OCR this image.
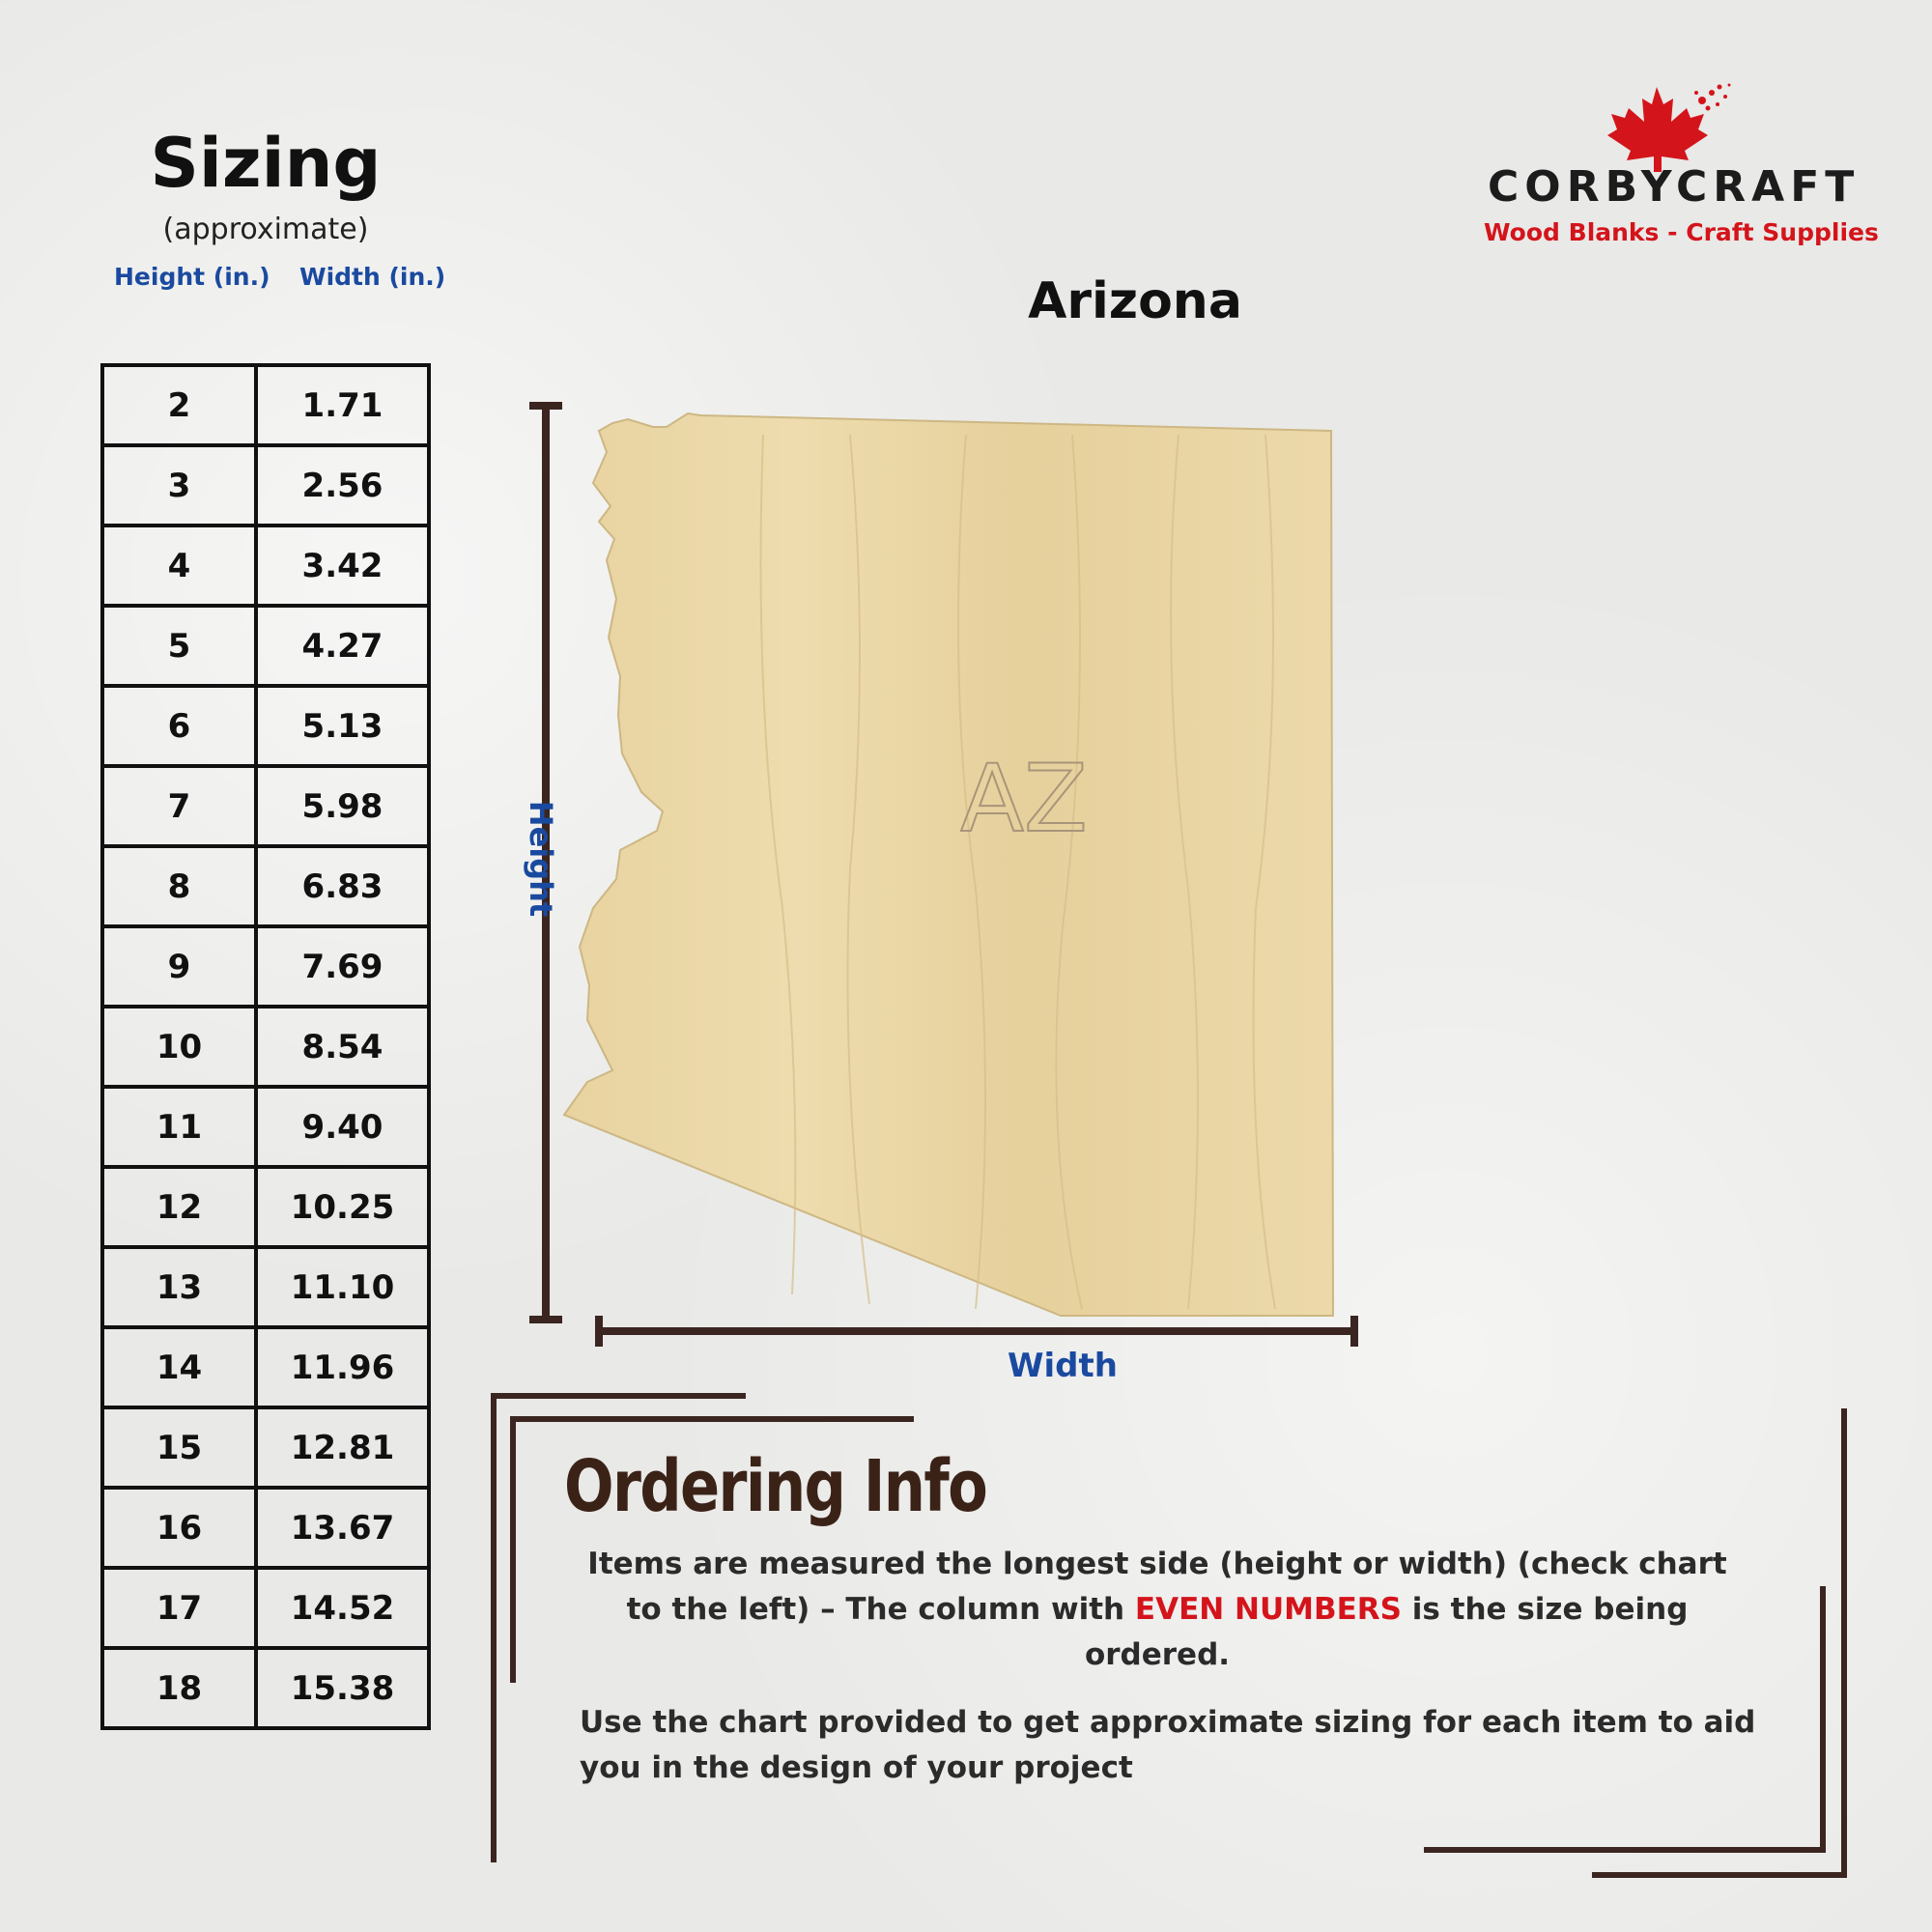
Sizing
(approximate)
Height (in.) Width (in.)
2	1.71
3	2.56
4	3.42
5	4.27
6	5.13
7	5.98
8	6.83
9	7.69
10	8.54
11	9.40
12	10.25
13	11.10
14	11.96
15	12.81
16	13.67
17	14.52
18	15.38
CORBYCRAFT
Wood Blanks - Craft Supplies
Arizona
Height
AZ
Width
Ordering Info
Items are measured the longest side (height or width) (check chart to the left) – The column with EVEN NUMBERS is the size being ordered.
Use the chart provided to get approximate sizing for each item to aid you in the design of your project
